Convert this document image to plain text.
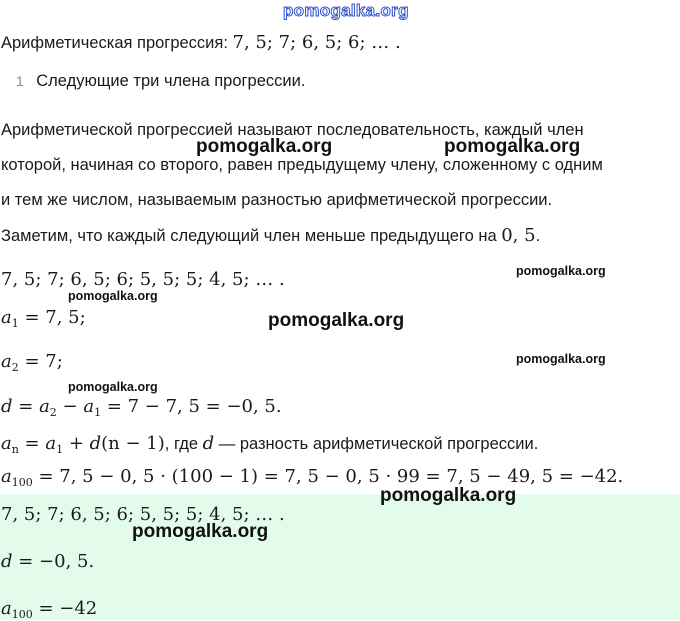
pomogalka.org
Арифметическая прогрессия: 7, 5; 7; 6, 5; 6; … .
1 Следующие три члена прогрессии.
Арифметической прогрессией называют последовательность, каждый член
которой, начиная со второго, равен предыдущему члену, сложенному с одним
и тем же числом, называемым разностью арифметической прогрессии.
Заметим, что каждый следующий член меньше предыдущего на 0, 5.
7, 5; 7; 6, 5; 6; 5, 5; 5; 4, 5; … .
$a_1 = 7$, 5;
$a_2 = 7$;
$d = a_2 - a_1 = 7 - 7$, 5 = −0, 5.
$a_n = a_1 + d(n - 1)$, где d — разность арифметической прогрессии.
$a_{100} = 7$, 5 − 0, 5 · (100 − 1) = 7, 5 − 0, 5 · 99 = 7, 5 − 49, 5 = −42.
7, 5; 7; 6, 5; 6; 5, 5; 5; 4, 5; … .
d = −0, 5.
$a_{100} = -42$
pomogalka.org	pomogalka.org
pomogalka.org
pomogalka.org
pomogalka.org
pomogalka.org
pomogalka.org
pomogalka.org
pomogalka.org
